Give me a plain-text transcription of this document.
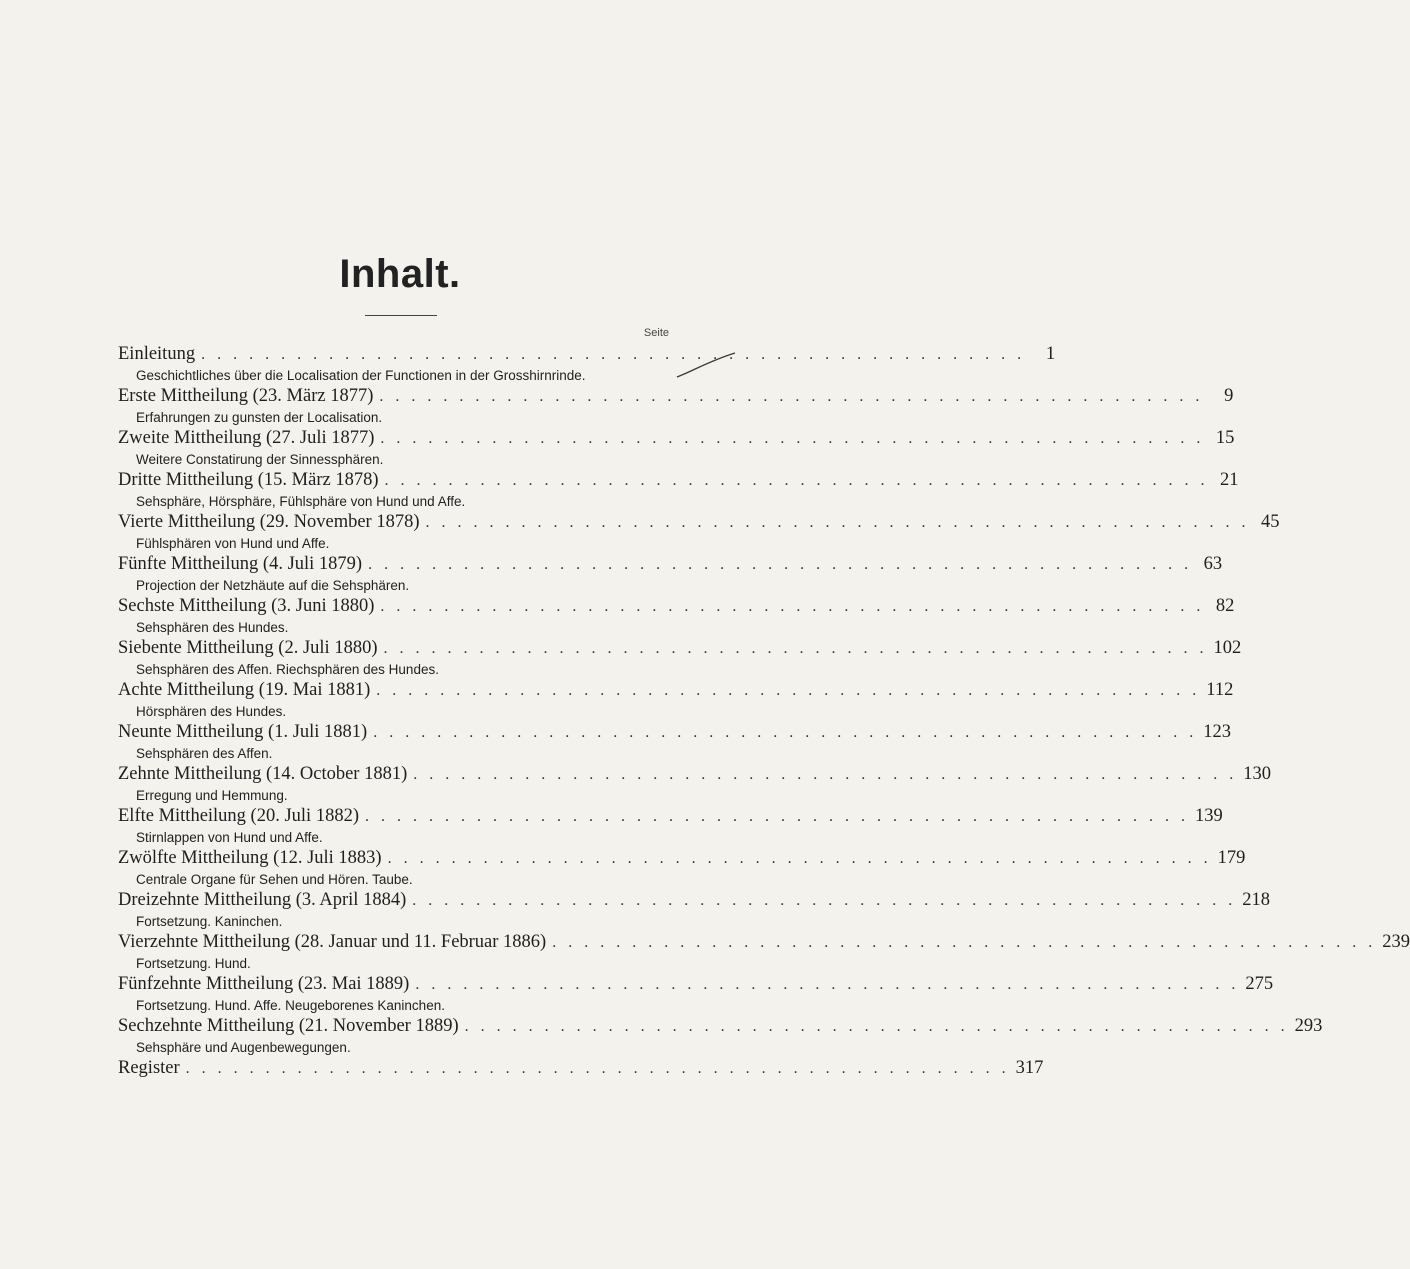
Inhalt.
Seite
Einleitung . . . . . . . . . . . . . . . . . . . . . . . . . . . . . . . . . . . . . . . . . . . . . . . . . . . .	1
Geschichtliches über die Localisation der Functionen in der Grosshirnrinde.
Erste Mittheilung (23. März 1877) . . . . . . . . . . . . . . . . . . . . . . . . . . . . . . . . . . . . . . . . . . . . . . . . . . . .	9
Erfahrungen zu gunsten der Localisation.
Zweite Mittheilung (27. Juli 1877) . . . . . . . . . . . . . . . . . . . . . . . . . . . . . . . . . . . . . . . . . . . . . . . . . . . . 15
Weitere Constatirung der Sinnessphären.
Dritte Mittheilung (15. März 1878) . . . . . . . . . . . . . . . . . . . . . . . . . . . . . . . . . . . . . . . . . . . . . . . . . . . . 21
Sehsphäre, Hörsphäre, Fühlsphäre von Hund und Affe.
Vierte Mittheilung (29. November 1878) . . . . . . . . . . . . . . . . . . . . . . . . . . . . . . . . . . . . . . . . . . . . . . . . . . . . 45
Fühlsphären von Hund und Affe.
Fünfte Mittheilung (4. Juli 1879) . . . . . . . . . . . . . . . . . . . . . . . . . . . . . . . . . . . . . . . . . . . . . . . . . . . . 63
Projection der Netzhäute auf die Sehsphären.
Sechste Mittheilung (3. Juni 1880) . . . . . . . . . . . . . . . . . . . . . . . . . . . . . . . . . . . . . . . . . . . . . . . . . . . . 82
Sehsphären des Hundes.
Siebente Mittheilung (2. Juli 1880) . . . . . . . . . . . . . . . . . . . . . . . . . . . . . . . . . . . . . . . . . . . . . . . . . . . . 102
Sehsphären des Affen. Riechsphären des Hundes.
Achte Mittheilung (19. Mai 1881) . . . . . . . . . . . . . . . . . . . . . . . . . . . . . . . . . . . . . . . . . . . . . . . . . . . . 112
Hörsphären des Hundes.
Neunte Mittheilung (1. Juli 1881) . . . . . . . . . . . . . . . . . . . . . . . . . . . . . . . . . . . . . . . . . . . . . . . . . . . . 123
Sehsphären des Affen.
Zehnte Mittheilung (14. October 1881) . . . . . . . . . . . . . . . . . . . . . . . . . . . . . . . . . . . . . . . . . . . . . . . . . . . . 130
Erregung und Hemmung.
Elfte Mittheilung (20. Juli 1882) . . . . . . . . . . . . . . . . . . . . . . . . . . . . . . . . . . . . . . . . . . . . . . . . . . . . 139
Stirnlappen von Hund und Affe.
Zwölfte Mittheilung (12. Juli 1883) . . . . . . . . . . . . . . . . . . . . . . . . . . . . . . . . . . . . . . . . . . . . . . . . . . . . 179
Centrale Organe für Sehen und Hören. Taube.
Dreizehnte Mittheilung (3. April 1884) . . . . . . . . . . . . . . . . . . . . . . . . . . . . . . . . . . . . . . . . . . . . . . . . . . . . 218
Fortsetzung. Kaninchen.
Vierzehnte Mittheilung (28. Januar und 11. Februar 1886) . . . . . . . . . . . . . . . . . . . . . . . . . . . . . . . . . . . . . . . . . . . . . . . . . . . . 239
Fortsetzung. Hund.
Fünfzehnte Mittheilung (23. Mai 1889) . . . . . . . . . . . . . . . . . . . . . . . . . . . . . . . . . . . . . . . . . . . . . . . . . . . . 275
Fortsetzung. Hund. Affe. Neugeborenes Kaninchen.
Sechzehnte Mittheilung (21. November 1889) . . . . . . . . . . . . . . . . . . . . . . . . . . . . . . . . . . . . . . . . . . . . . . . . . . . . 293
Sehsphäre und Augenbewegungen.
Register . . . . . . . . . . . . . . . . . . . . . . . . . . . . . . . . . . . . . . . . . . . . . . . . . . . . 317
